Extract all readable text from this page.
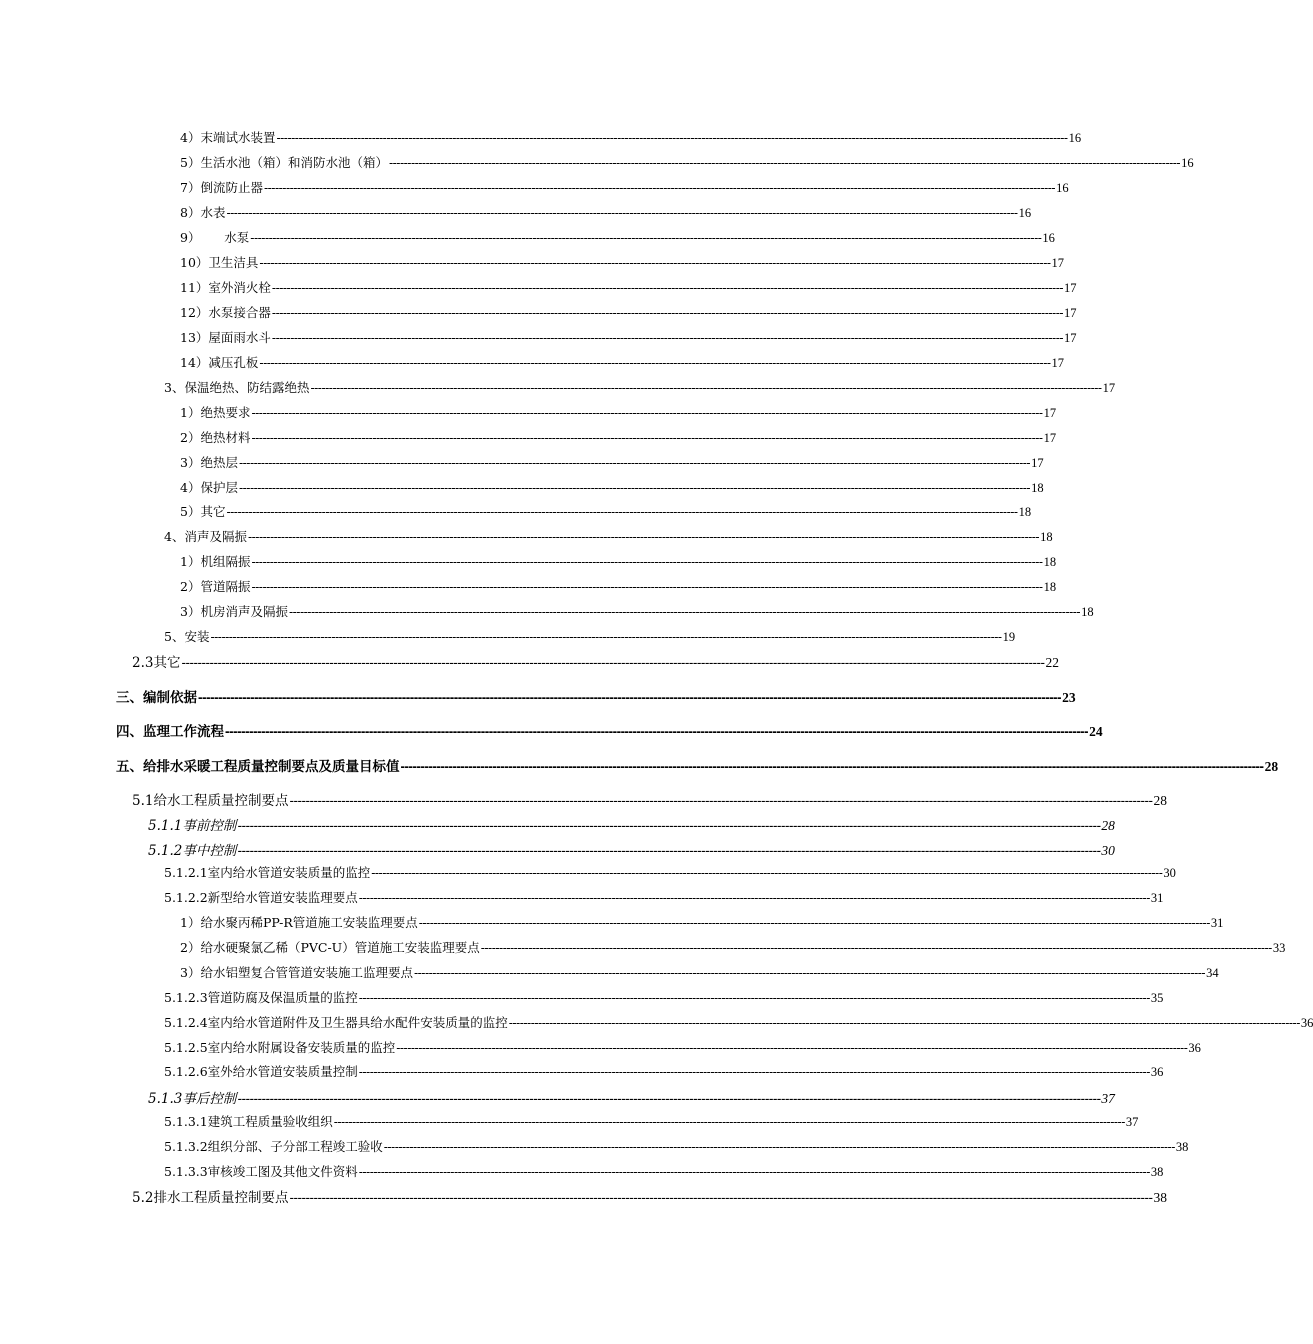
4）末端试水装置 ------------------------------------------------------------------------------------------------------------------------------------------------------------------------------------------------------------------------ 16
5）生活水池（箱）和消防水池（箱） ------------------------------------------------------------------------------------------------------------------------------------------------------------------------------------------------------------------------ 16
7）倒流防止器 ------------------------------------------------------------------------------------------------------------------------------------------------------------------------------------------------------------------------ 16
8）水表 ------------------------------------------------------------------------------------------------------------------------------------------------------------------------------------------------------------------------ 16
9）      水泵 ------------------------------------------------------------------------------------------------------------------------------------------------------------------------------------------------------------------------ 16
10）卫生洁具 ------------------------------------------------------------------------------------------------------------------------------------------------------------------------------------------------------------------------ 17
11）室外消火栓 ------------------------------------------------------------------------------------------------------------------------------------------------------------------------------------------------------------------------ 17
12）水泵接合器 ------------------------------------------------------------------------------------------------------------------------------------------------------------------------------------------------------------------------ 17
13）屋面雨水斗 ------------------------------------------------------------------------------------------------------------------------------------------------------------------------------------------------------------------------ 17
14）减压孔板 ------------------------------------------------------------------------------------------------------------------------------------------------------------------------------------------------------------------------ 17
3、保温绝热、防结露绝热 ------------------------------------------------------------------------------------------------------------------------------------------------------------------------------------------------------------------------ 17
1）绝热要求 ------------------------------------------------------------------------------------------------------------------------------------------------------------------------------------------------------------------------ 17
2）绝热材料 ------------------------------------------------------------------------------------------------------------------------------------------------------------------------------------------------------------------------ 17
3）绝热层 ------------------------------------------------------------------------------------------------------------------------------------------------------------------------------------------------------------------------ 17
4）保护层 ------------------------------------------------------------------------------------------------------------------------------------------------------------------------------------------------------------------------ 18
5）其它 ------------------------------------------------------------------------------------------------------------------------------------------------------------------------------------------------------------------------ 18
4、消声及隔振 ------------------------------------------------------------------------------------------------------------------------------------------------------------------------------------------------------------------------ 18
1）机组隔振 ------------------------------------------------------------------------------------------------------------------------------------------------------------------------------------------------------------------------ 18
2）管道隔振 ------------------------------------------------------------------------------------------------------------------------------------------------------------------------------------------------------------------------ 18
3）机房消声及隔振 ------------------------------------------------------------------------------------------------------------------------------------------------------------------------------------------------------------------------ 18
5、安装 ------------------------------------------------------------------------------------------------------------------------------------------------------------------------------------------------------------------------ 19
2.3其它 ------------------------------------------------------------------------------------------------------------------------------------------------------------------------------------------------------------------------ 22
三、编制依据 ------------------------------------------------------------------------------------------------------------------------------------------------------------------------------------------------------------------------ 23
四、监理工作流程 ------------------------------------------------------------------------------------------------------------------------------------------------------------------------------------------------------------------------ 24
五、给排水采暖工程质量控制要点及质量目标值 ------------------------------------------------------------------------------------------------------------------------------------------------------------------------------------------------------------------------ 28
5.1给水工程质量控制要点 ------------------------------------------------------------------------------------------------------------------------------------------------------------------------------------------------------------------------ 28
5.1.1事前控制 ------------------------------------------------------------------------------------------------------------------------------------------------------------------------------------------------------------------------ 28
5.1.2事中控制 ------------------------------------------------------------------------------------------------------------------------------------------------------------------------------------------------------------------------ 30
5.1.2.1室内给水管道安装质量的监控 ------------------------------------------------------------------------------------------------------------------------------------------------------------------------------------------------------------------------ 30
5.1.2.2新型给水管道安装监理要点 ------------------------------------------------------------------------------------------------------------------------------------------------------------------------------------------------------------------------ 31
1）给水聚丙稀PP-R管道施工安装监理要点 ------------------------------------------------------------------------------------------------------------------------------------------------------------------------------------------------------------------------ 31
2）给水硬聚氯乙稀（PVC-U）管道施工安装监理要点 ------------------------------------------------------------------------------------------------------------------------------------------------------------------------------------------------------------------------ 33
3）给水铝塑复合管管道安装施工监理要点 ------------------------------------------------------------------------------------------------------------------------------------------------------------------------------------------------------------------------ 34
5.1.2.3管道防腐及保温质量的监控 ------------------------------------------------------------------------------------------------------------------------------------------------------------------------------------------------------------------------ 35
5.1.2.4室内给水管道附件及卫生器具给水配件安装质量的监控 ------------------------------------------------------------------------------------------------------------------------------------------------------------------------------------------------------------------------ 36
5.1.2.5室内给水附属设备安装质量的监控 ------------------------------------------------------------------------------------------------------------------------------------------------------------------------------------------------------------------------ 36
5.1.2.6室外给水管道安装质量控制 ------------------------------------------------------------------------------------------------------------------------------------------------------------------------------------------------------------------------ 36
5.1.3事后控制 ------------------------------------------------------------------------------------------------------------------------------------------------------------------------------------------------------------------------ 37
5.1.3.1建筑工程质量验收组织 ------------------------------------------------------------------------------------------------------------------------------------------------------------------------------------------------------------------------ 37
5.1.3.2组织分部、子分部工程竣工验收 ------------------------------------------------------------------------------------------------------------------------------------------------------------------------------------------------------------------------ 38
5.1.3.3审核竣工图及其他文件资料 ------------------------------------------------------------------------------------------------------------------------------------------------------------------------------------------------------------------------ 38
5.2排水工程质量控制要点 ------------------------------------------------------------------------------------------------------------------------------------------------------------------------------------------------------------------------ 38
